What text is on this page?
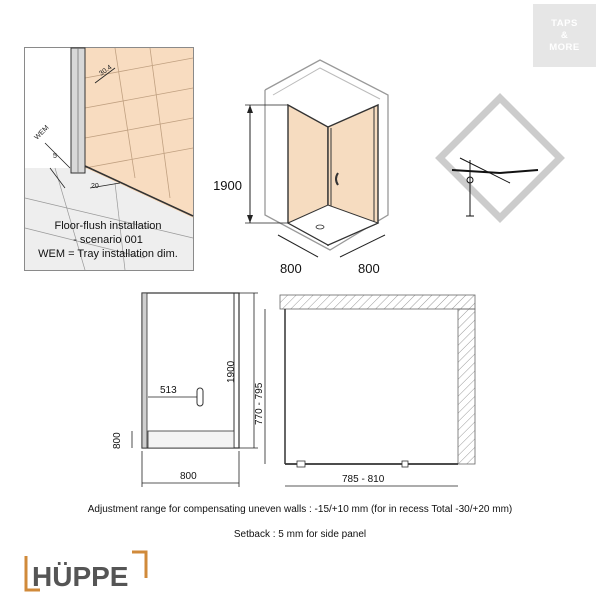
TAPS
&
MORE
30.4
WEM
5
20
Floor-flush installation
- scenario 001
WEM = Tray installation dim.
1900
800	800
1900
513
800
800
770 - 795
785 - 810
Adjustment range for compensating uneven walls : -15/+10 mm (for in recess Total -30/+20 mm)
Setback : 5 mm for side panel
HÜPPE
